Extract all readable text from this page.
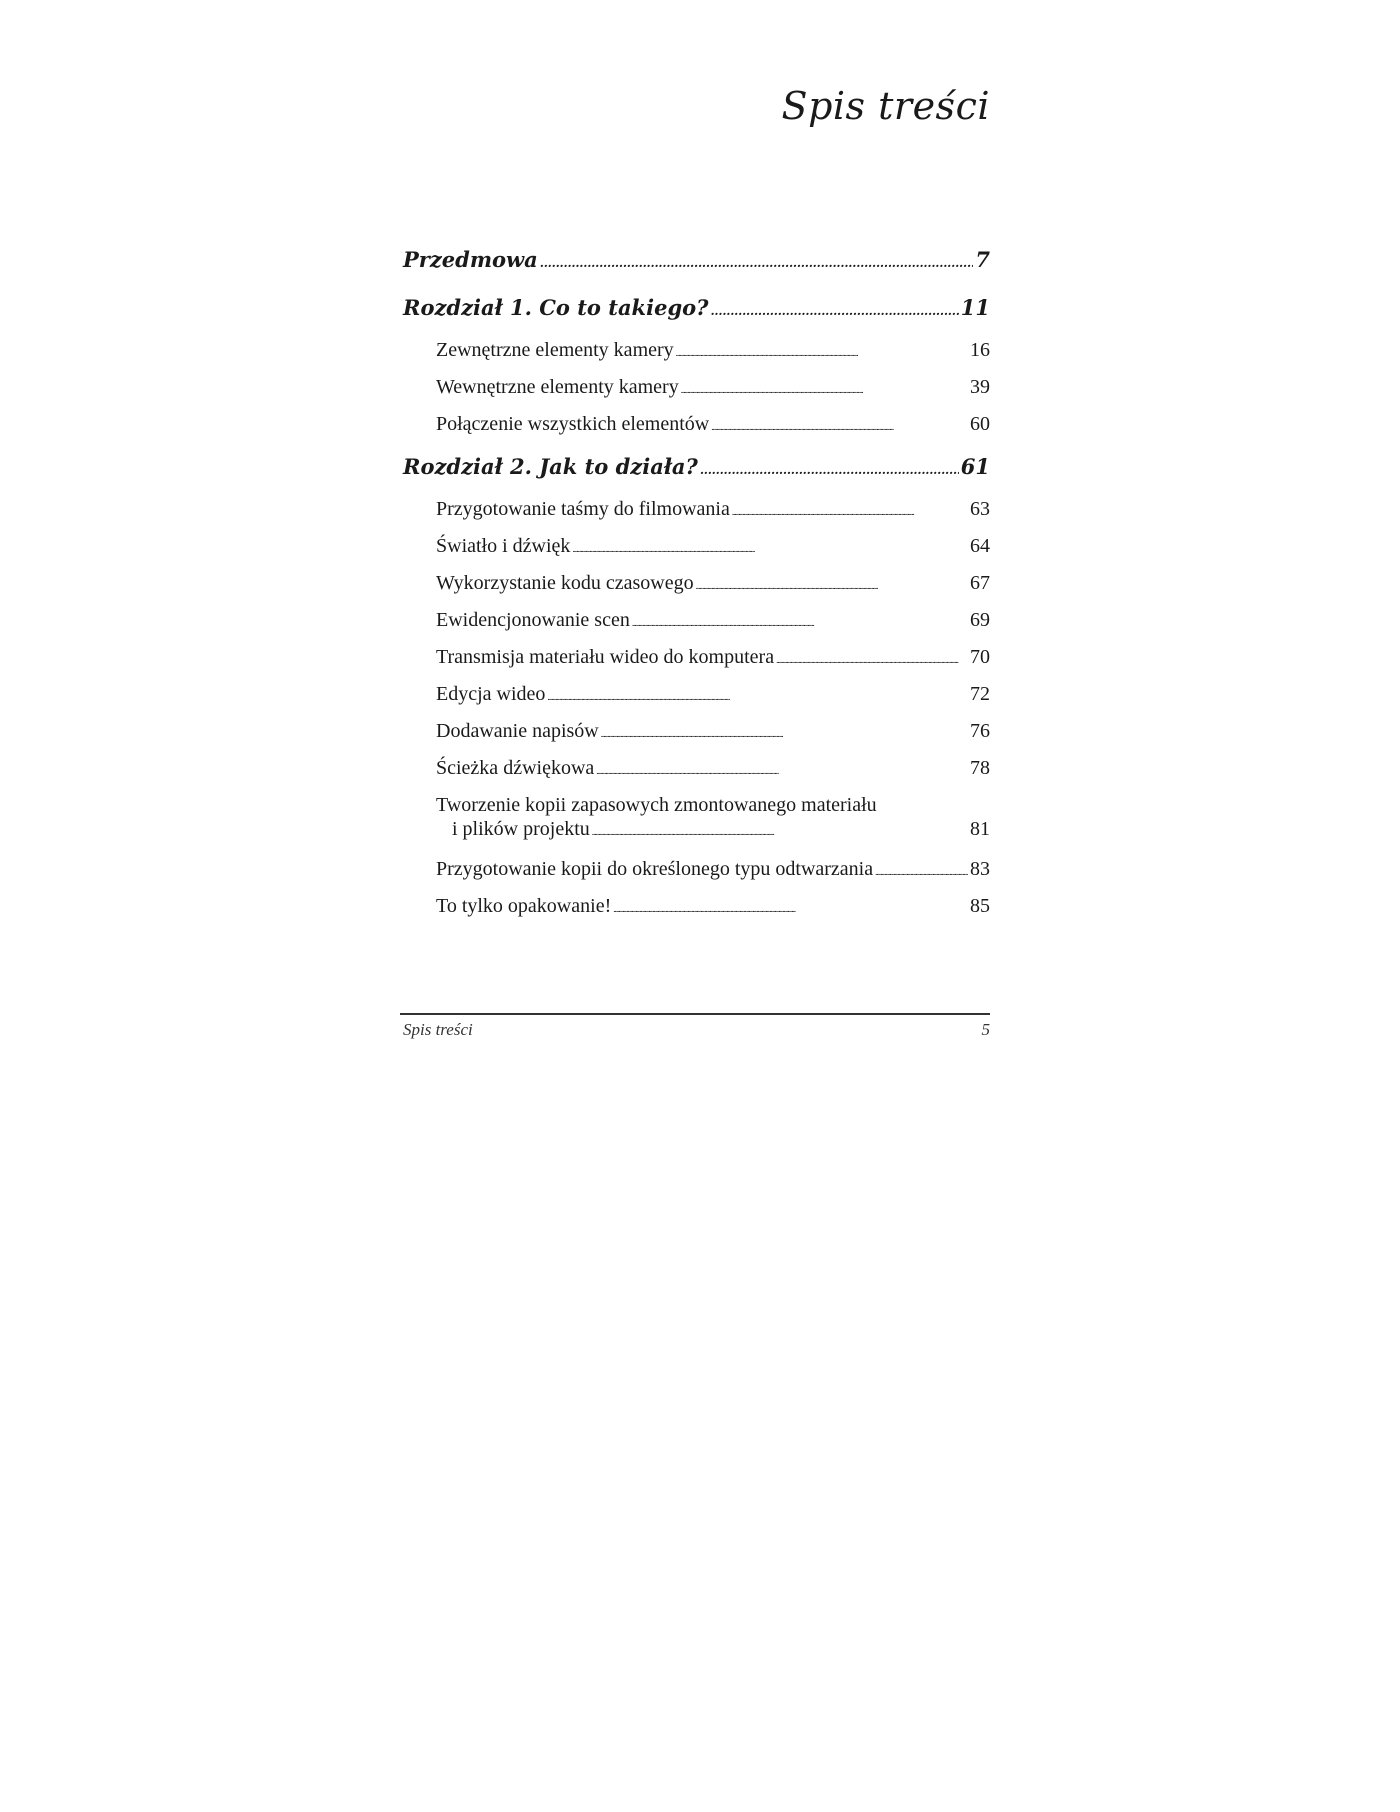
Spis treści
Przedmowa . . .	7
Rozdział 1. Co to takiego? . . .	11
Zewnętrzne elementy kamery . . .	16
Wewnętrzne elementy kamery . . .	39
Połączenie wszystkich elementów . . .	60
Rozdział 2. Jak to działa? . . .	61
Przygotowanie taśmy do filmowania . . .	63
Światło i dźwięk . . .	64
Wykorzystanie kodu czasowego . . .	67
Ewidencjonowanie scen . . .	69
Transmisja materiału wideo do komputera . . .	70
Edycja wideo . . .	72
Dodawanie napisów . . .	76
Ścieżka dźwiękowa . . .	78
Tworzenie kopii zapasowych zmontowanego materiału
i plików projektu . . .	81
Przygotowanie kopii do określonego typu odtwarzania . . .	83
To tylko opakowanie! . . .	85
Spis treści	5
